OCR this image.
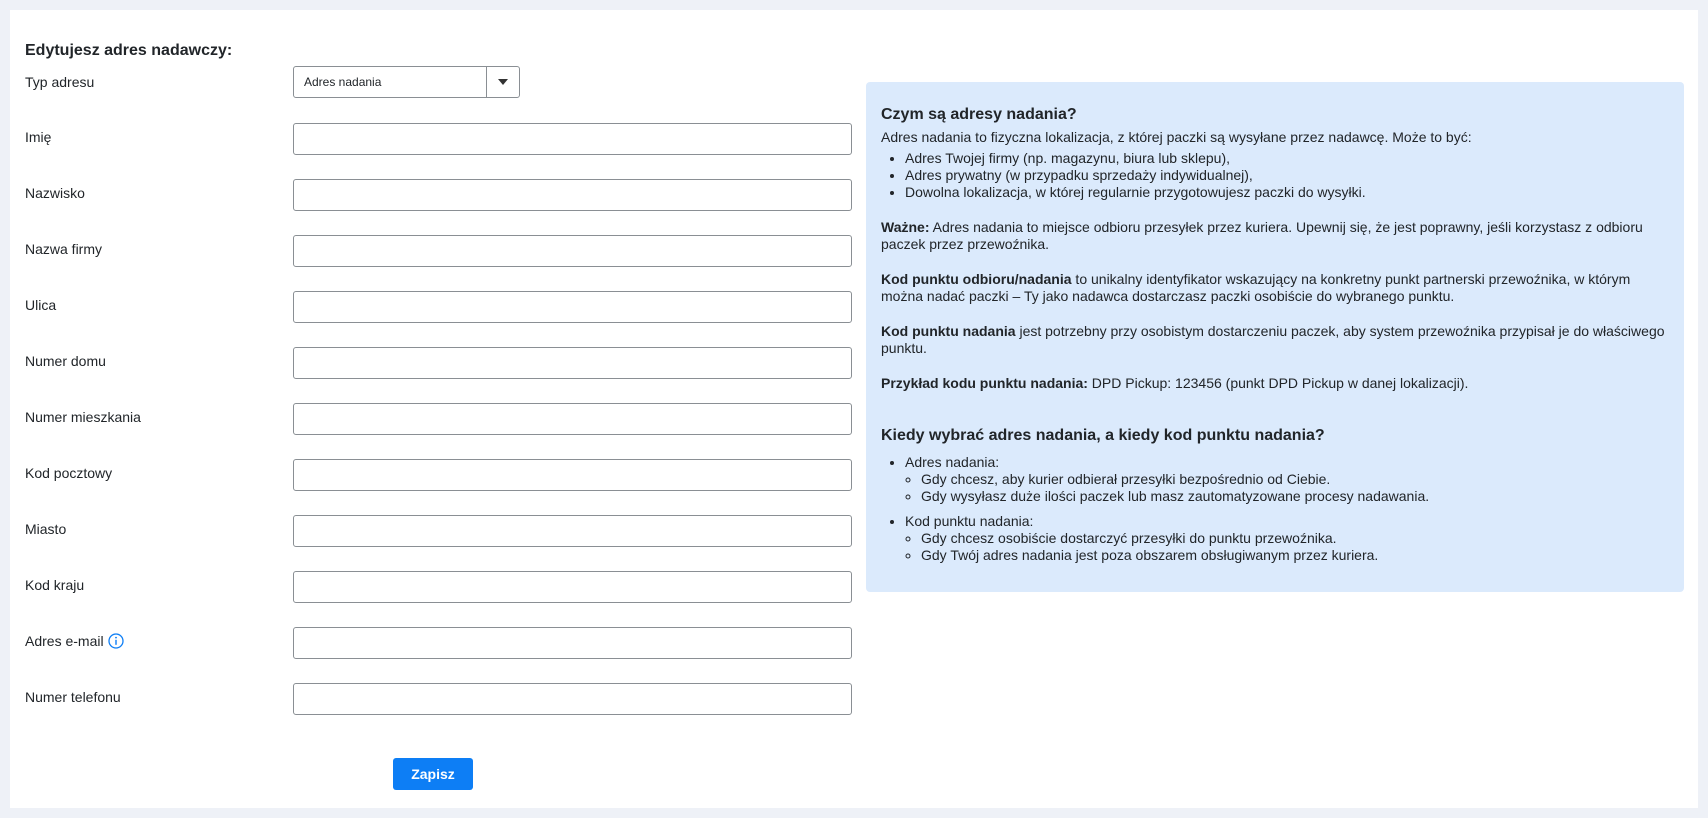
Edytujesz adres nadawczy:
Typ adresu	Adres nadania
Imię
Nazwisko
Nazwa firmy
Ulica
Numer domu
Numer mieszkania
Kod pocztowy
Miasto
Kod kraju
Adres e-mail
Numer telefonu
Zapisz
Czym są adresy nadania?

Adres nadania to fizyczna lokalizacja, z której paczki są wysyłane przez nadawcę. Może to być:

• Adres Twojej firmy (np. magazynu, biura lub sklepu),
• Adres prywatny (w przypadku sprzedaży indywidualnej),
• Dowolna lokalizacja, w której regularnie przygotowujesz paczki do wysyłki.

Ważne: Adres nadania to miejsce odbioru przesyłek przez kuriera. Upewnij się, że jest poprawny, jeśli korzystasz z odbioru paczek przez przewoźnika.

Kod punktu odbioru/nadania to unikalny identyfikator wskazujący na konkretny punkt partnerski przewoźnika, w którym można nadać paczki – Ty jako nadawca dostarczasz paczki osobiście do wybranego punktu.

Kod punktu nadania jest potrzebny przy osobistym dostarczeniu paczek, aby system przewoźnika przypisał je do właściwego punktu.

Przykład kodu punktu nadania: DPD Pickup: 123456 (punkt DPD Pickup w danej lokalizacji).

Kiedy wybrać adres nadania, a kiedy kod punktu nadania?
• Adres nadania:
◦ Gdy chcesz, aby kurier odbierał przesyłki bezpośrednio od Ciebie.
◦ Gdy wysyłasz duże ilości paczek lub masz zautomatyzowane procesy nadawania.
• Kod punktu nadania:
◦ Gdy chcesz osobiście dostarczyć przesyłki do punktu przewoźnika.
◦ Gdy Twój adres nadania jest poza obszarem obsługiwanym przez kuriera.
